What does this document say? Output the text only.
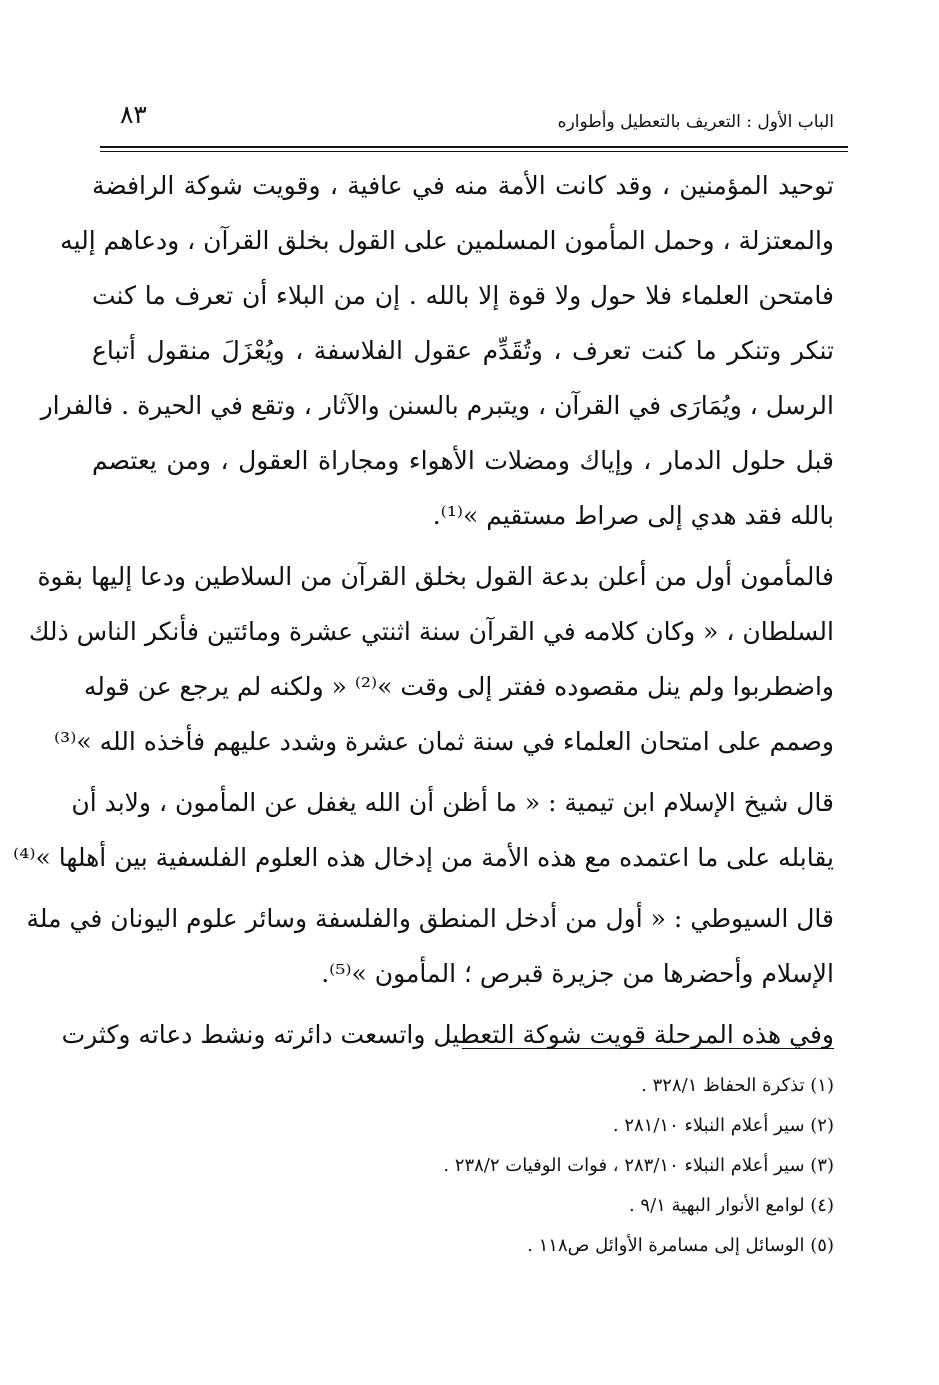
٨٣	الباب الأول : التعريف بالتعطيل وأطواره
توحيد المؤمنين ، وقد كانت الأمة منه في عافية ، وقويت شوكة الرافضة
والمعتزلة ، وحمل المأمون المسلمين على القول بخلق القرآن ، ودعاهم إليه
فامتحن العلماء فلا حول ولا قوة إلا بالله . إن من البلاء أن تعرف ما كنت
تنكر وتنكر ما كنت تعرف ، وتُقَدِّم عقول الفلاسفة ، ويُعْزَلَ منقول أتباع
الرسل ، ويُمَارَى في القرآن ، ويتبرم بالسنن والآثار ، وتقع في الحيرة . فالفرار
قبل حلول الدمار ، وإياك ومضلات الأهواء ومجاراة العقول ، ومن يعتصم
بالله فقد هدي إلى صراط مستقيم »⁽¹⁾.
فالمأمون أول من أعلن بدعة القول بخلق القرآن من السلاطين ودعا إليها بقوة
السلطان ، « وكان كلامه في القرآن سنة اثنتي عشرة ومائتين فأنكر الناس ذلك
واضطربوا ولم ينل مقصوده ففتر إلى وقت »⁽²⁾ « ولكنه لم يرجع عن قوله
وصمم على امتحان العلماء في سنة ثمان عشرة وشدد عليهم فأخذه الله »⁽³⁾
قال شيخ الإسلام ابن تيمية : « ما أظن أن الله يغفل عن المأمون ، ولابد أن
يقابله على ما اعتمده مع هذه الأمة من إدخال هذه العلوم الفلسفية بين أهلها »⁽⁴⁾
قال السيوطي : « أول من أدخل المنطق والفلسفة وسائر علوم اليونان في ملة
الإسلام وأحضرها من جزيرة قبرص ؛ المأمون »⁽⁵⁾.
وفي هذه المرحلة قويت شوكة التعطيل واتسعت دائرته ونشط دعاته وكثرت
(١) تذكرة الحفاظ ٣٢٨/١ .
(٢) سير أعلام النبلاء ٢٨١/١٠ .
(٣) سير أعلام النبلاء ٢٨٣/١٠ ، فوات الوفيات ٢٣٨/٢ .
(٤) لوامع الأنوار البهية ٩/١ .
(٥) الوسائل إلى مسامرة الأوائل ص١١٨ .
